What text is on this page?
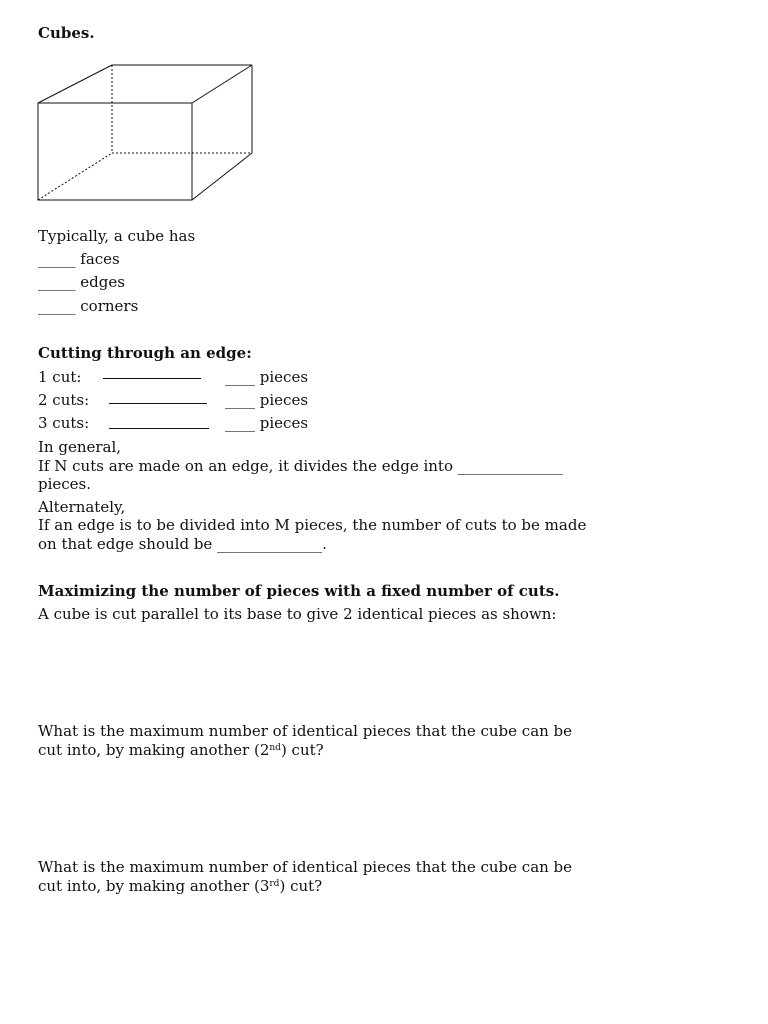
Cubes.
Typically, a cube has
_____ faces
_____ edges
_____ corners
Cutting through an edge:
1 cut:	____ pieces
2 cuts:	____ pieces
3 cuts:	____ pieces
In general,
If N cuts are made on an edge, it divides the edge into ______________
pieces.
Alternately,
If an edge is to be divided into M pieces, the number of cuts to be made
on that edge should be ______________.
Maximizing the number of pieces with a fixed number of cuts.
A cube is cut parallel to its base to give 2 identical pieces as shown:
What is the maximum number of identical pieces that the cube can be
cut into, by making another (2nd) cut?
What is the maximum number of identical pieces that the cube can be
cut into, by making another (3rd) cut?
